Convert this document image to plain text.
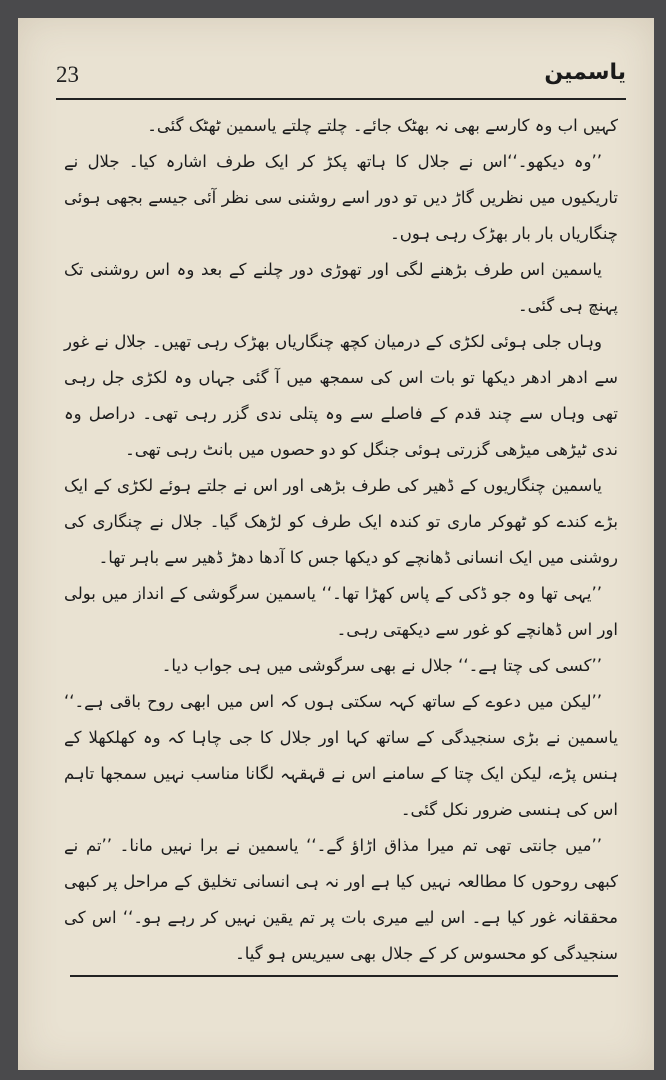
23	یاسمین

کہیں اب وہ کارسے بھی نہ بھٹک جائے۔ چلتے چلتے یاسمین ٹھٹک گئی۔

’’وہ دیکھو۔‘‘اس نے جلال کا ہاتھ پکڑ کر ایک طرف اشارہ کیا۔ جلال نے تاریکیوں میں نظریں گاڑ دیں تو دور اسے روشنی سی نظر آئی جیسے بجھی ہوئی چنگاریاں بار بار بھڑک رہی ہوں۔

یاسمین اس طرف بڑھنے لگی اور تھوڑی دور چلنے کے بعد وہ اس روشنی تک پہنچ ہی گئی۔

وہاں جلی ہوئی لکڑی کے درمیان کچھ چنگاریاں بھڑک رہی تھیں۔ جلال نے غور سے ادھر ادھر دیکھا تو بات اس کی سمجھ میں آ گئی جہاں وہ لکڑی جل رہی تھی وہاں سے چند قدم کے فاصلے سے وہ پتلی ندی گزر رہی تھی۔ دراصل وہ ندی ٹیڑھی میڑھی گزرتی ہوئی جنگل کو دو حصوں میں بانٹ رہی تھی۔

یاسمین چنگاریوں کے ڈھیر کی طرف بڑھی اور اس نے جلتے ہوئے لکڑی کے ایک بڑے کندے کو ٹھوکر ماری تو کندہ ایک طرف کو لڑھک گیا۔ جلال نے چنگاری کی روشنی میں ایک انسانی ڈھانچے کو دیکھا جس کا آدھا دھڑ ڈھیر سے باہر تھا۔

’’یہی تھا وہ جو ڈکی کے پاس کھڑا تھا۔‘‘ یاسمین سرگوشی کے انداز میں بولی اور اس ڈھانچے کو غور سے دیکھتی رہی۔

’’کسی کی چتا ہے۔‘‘ جلال نے بھی سرگوشی میں ہی جواب دیا۔

’’لیکن میں دعوے کے ساتھ کہہ سکتی ہوں کہ اس میں ابھی روح باقی ہے۔‘‘ یاسمین نے بڑی سنجیدگی کے ساتھ کہا اور جلال کا جی چاہا کہ وہ کھلکھلا کے ہنس پڑے، لیکن ایک چتا کے سامنے اس نے قہقہہ لگانا مناسب نہیں سمجھا تاہم اس کی ہنسی ضرور نکل گئی۔

’’میں جانتی تھی تم میرا مذاق اڑاؤ گے۔‘‘ یاسمین نے برا نہیں مانا۔ ’’تم نے کبھی روحوں کا مطالعہ نہیں کیا ہے اور نہ ہی انسانی تخلیق کے مراحل پر کبھی محققانہ غور کیا ہے۔ اس لیے میری بات پر تم یقین نہیں کر رہے ہو۔‘‘ اس کی سنجیدگی کو محسوس کر کے جلال بھی سیریس ہو گیا۔
